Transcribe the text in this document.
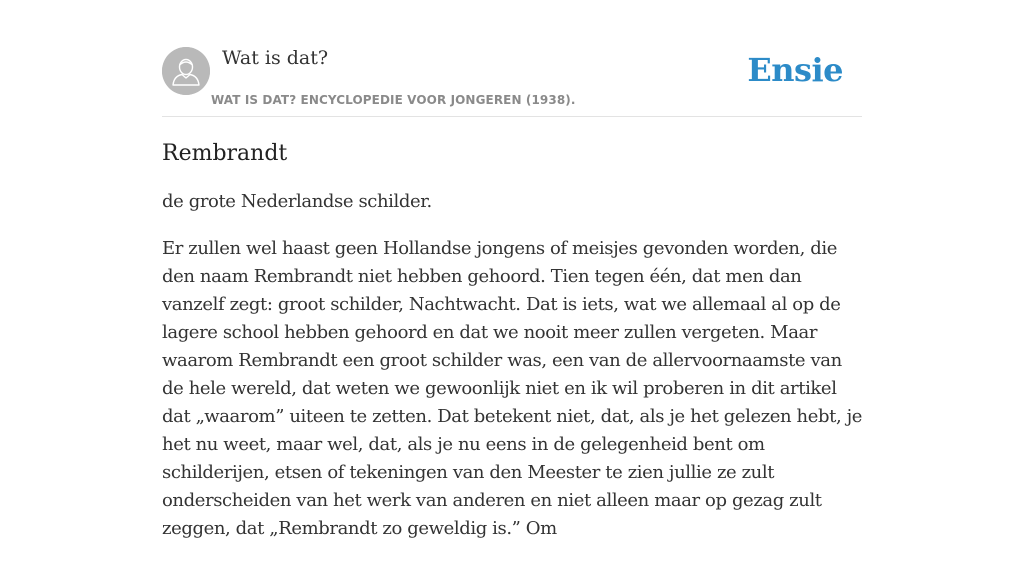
Wat is dat?
WAT IS DAT? ENCYCLOPEDIE VOOR JONGEREN (1938).
Ensie
Rembrandt

de grote Nederlandse schilder.

Er zullen wel haast geen Hollandse jongens of meisjes gevonden worden, die den naam Rembrandt niet hebben gehoord. Tien tegen één, dat men dan vanzelf zegt: groot schilder, Nachtwacht. Dat is iets, wat we allemaal al op de lagere school hebben gehoord en dat we nooit meer zullen vergeten. Maar waarom Rembrandt een groot schilder was, een van de allervoornaamste van de hele wereld, dat weten we gewoonlijk niet en ik wil proberen in dit artikel dat „waarom” uiteen te zetten. Dat betekent niet, dat, als je het gelezen hebt, je het nu weet, maar wel, dat, als je nu eens in de gelegenheid bent om schilderijen, etsen of tekeningen van den Meester te zien jullie ze zult onderscheiden van het werk van anderen en niet alleen maar op gezag zult zeggen, dat „Rembrandt zo geweldig is.” Om
